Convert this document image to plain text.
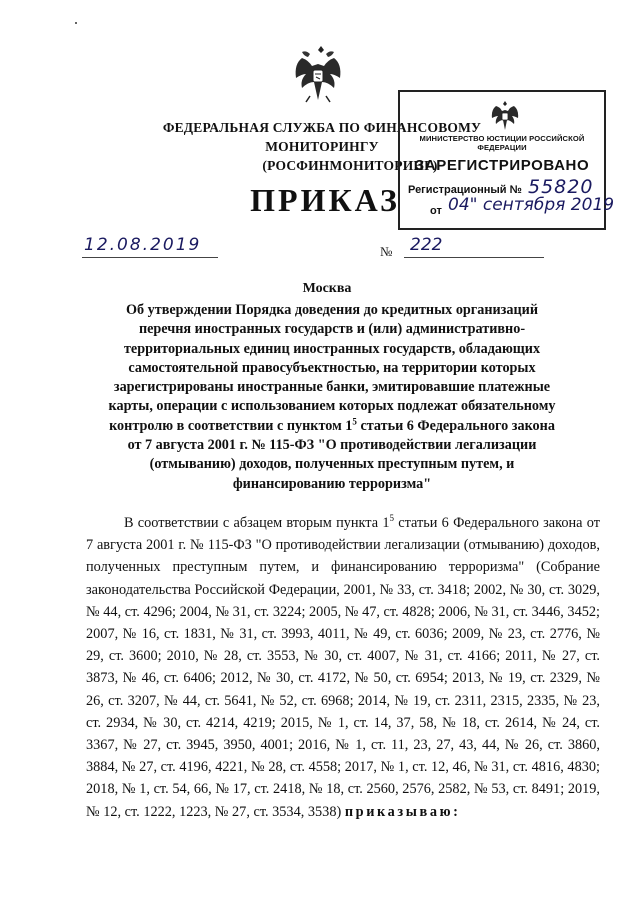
ФЕДЕРАЛЬНАЯ СЛУЖБА ПО ФИНАНСОВОМУ МОНИТОРИНГУ
(РОСФИНМОНИТОРИНГ)
МИНИСТЕРСТВО ЮСТИЦИИ РОССИЙСКОЙ ФЕДЕРАЦИИ
ЗАРЕГИСТРИРОВАНО
Регистрационный № 55820
от 04" сентября 2019
ПРИКАЗ
12.08.2019	№ 222
Москва
Об утверждении Порядка доведения до кредитных организаций перечня иностранных государств и (или) административно-территориальных единиц иностранных государств, обладающих самостоятельной правосубъектностью, на территории которых зарегистрированы иностранные банки, эмитировавшие платежные карты, операции с использованием которых подлежат обязательному контролю в соответствии с пунктом $1^5$ статьи 6 Федерального закона от 7 августа 2001 г. № 115-ФЗ "О противодействии легализации (отмыванию) доходов, полученных преступным путем, и финансированию терроризма"
В соответствии с абзацем вторым пункта $1^5$ статьи 6 Федерального закона от 7 августа 2001 г. № 115-ФЗ "О противодействии легализации (отмыванию) доходов, полученных преступным путем, и финансированию терроризма" (Собрание законодательства Российской Федерации, 2001, № 33, ст. 3418; 2002, № 30, ст. 3029, № 44, ст. 4296; 2004, № 31, ст. 3224; 2005, № 47, ст. 4828; 2006, № 31, ст. 3446, 3452; 2007, № 16, ст. 1831, № 31, ст. 3993, 4011, № 49, ст. 6036; 2009, № 23, ст. 2776, № 29, ст. 3600; 2010, № 28, ст. 3553, № 30, ст. 4007, № 31, ст. 4166; 2011, № 27, ст. 3873, № 46, ст. 6406; 2012, № 30, ст. 4172, № 50, ст. 6954; 2013, № 19, ст. 2329, № 26, ст. 3207, № 44, ст. 5641, № 52, ст. 6968; 2014, № 19, ст. 2311, 2315, 2335, № 23, ст. 2934, № 30, ст. 4214, 4219; 2015, № 1, ст. 14, 37, 58, № 18, ст. 2614, № 24, ст. 3367, № 27, ст. 3945, 3950, 4001; 2016, № 1, ст. 11, 23, 27, 43, 44, № 26, ст. 3860, 3884, № 27, ст. 4196, 4221, № 28, ст. 4558; 2017, № 1, ст. 12, 46, № 31, ст. 4816, 4830; 2018, № 1, ст. 54, 66, № 17, ст. 2418, № 18, ст. 2560, 2576, 2582, № 53, ст. 8491; 2019, № 12, ст. 1222, 1223, № 27, ст. 3534, 3538) приказываю:
